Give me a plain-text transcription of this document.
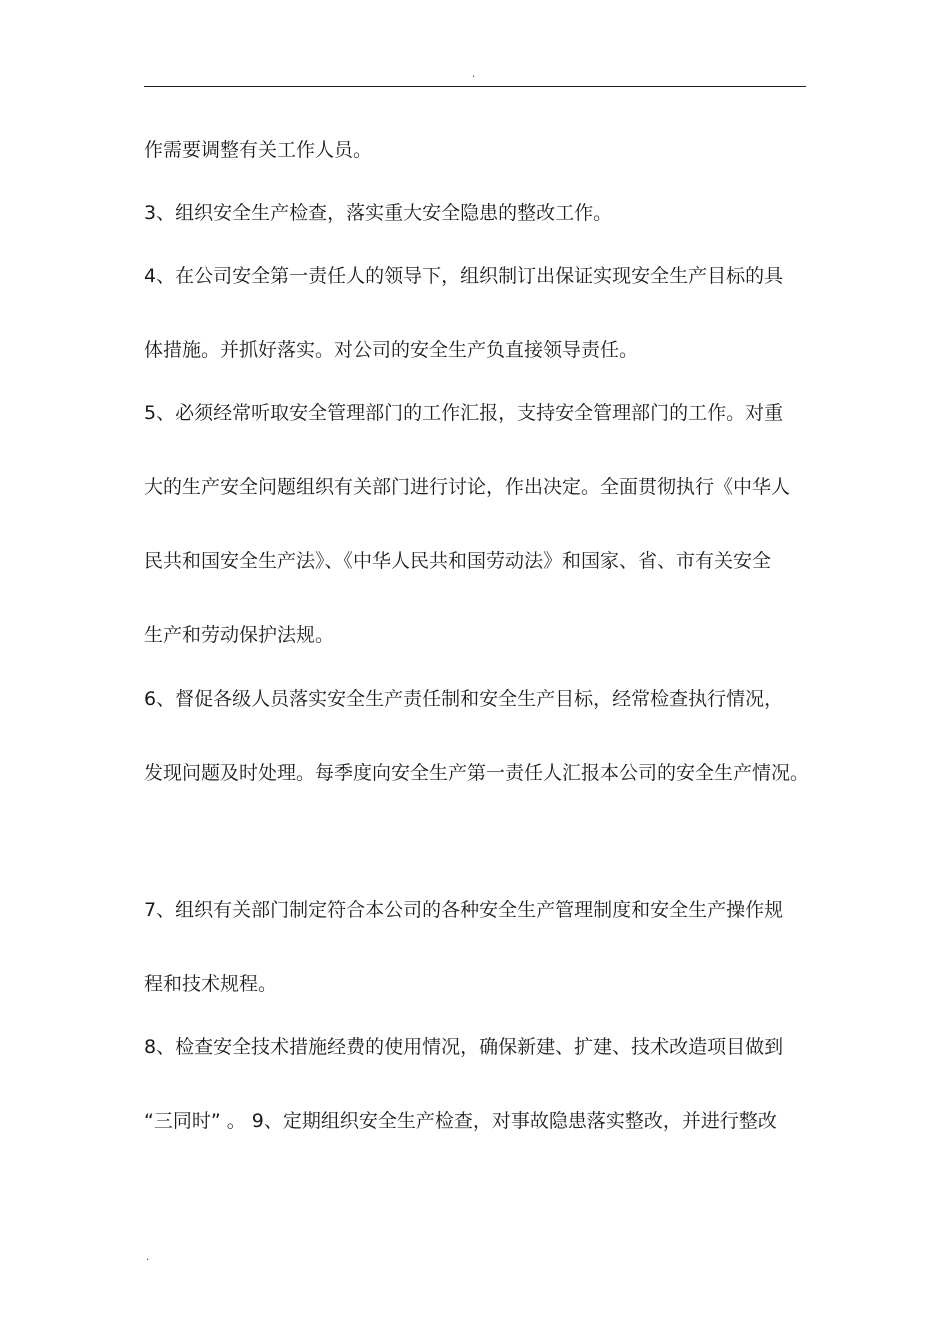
.
作需要调整有关工作人员。
3、组织安全生产检查，落实重大安全隐患的整改工作。
4、在公司安全第一责任人的领导下，组织制订出保证实现安全生产目标的具
体措施。并抓好落实。对公司的安全生产负直接领导责任。
5、必须经常听取安全管理部门的工作汇报，支持安全管理部门的工作。对重
大的生产安全问题组织有关部门进行讨论，作出决定。全面贯彻执行《中华人
民共和国安全生产法》、《中华人民共和国劳动法》和国家、省、市有关安全
生产和劳动保护法规。
6、督促各级人员落实安全生产责任制和安全生产目标，经常检查执行情况，
发现问题及时处理。每季度向安全生产第一责任人汇报本公司的安全生产情况。
7、组织有关部门制定符合本公司的各种安全生产管理制度和安全生产操作规
程和技术规程。
8、检查安全技术措施经费的使用情况，确保新建、扩建、技术改造项目做到
“三同时” 。 9、定期组织安全生产检查，对事故隐患落实整改，并进行整改
.
